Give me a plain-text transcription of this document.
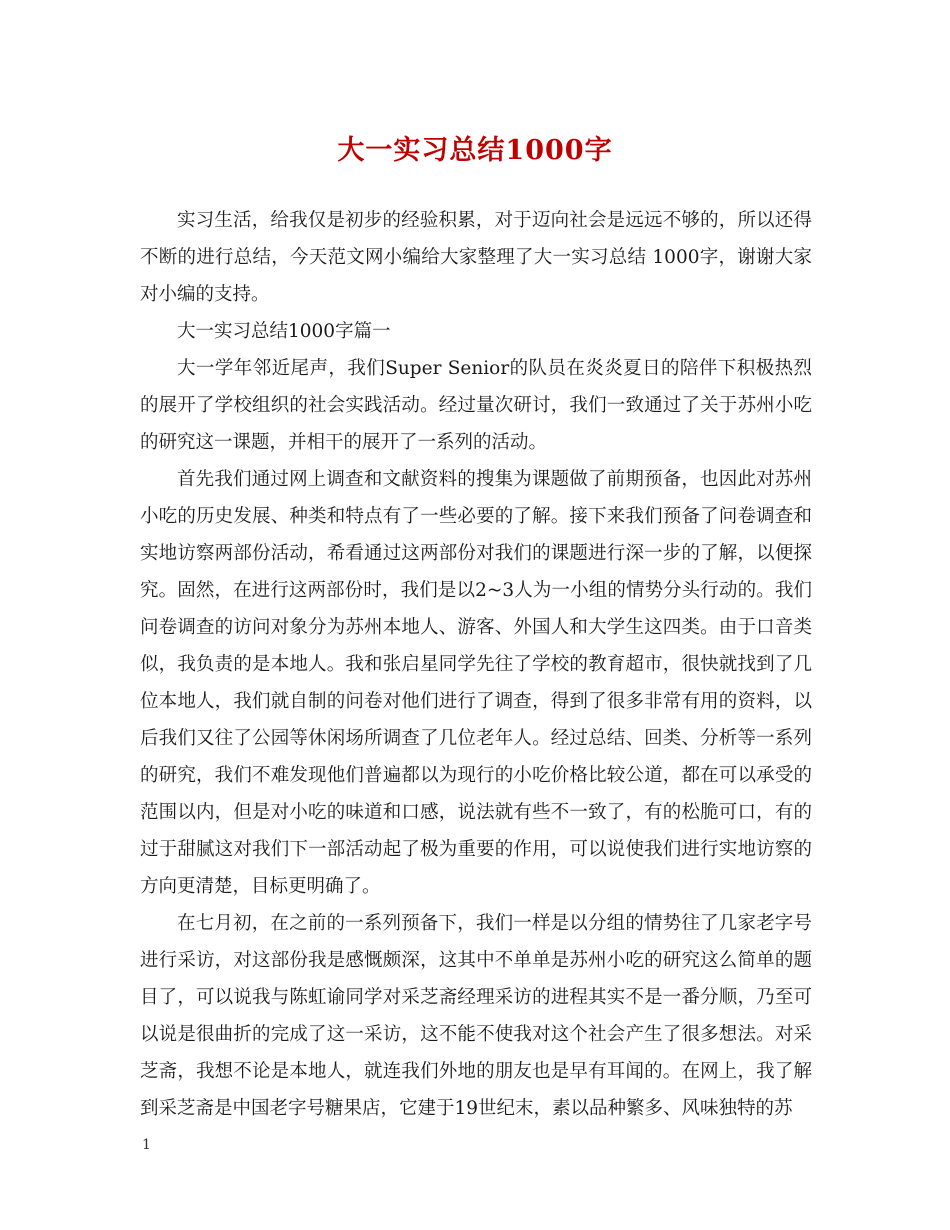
大一实习总结1000字

实习生活，给我仅是初步的经验积累，对于迈向社会是远远不够的，所以还得不断的进行总结，今天范文网小编给大家整理了大一实习总结 1000字，谢谢大家对小编的支持。

大一实习总结1000字篇一

大一学年邻近尾声，我们Super Senior的队员在炎炎夏日的陪伴下积极热烈的展开了学校组织的社会实践活动。经过量次研讨，我们一致通过了关于苏州小吃的研究这一课题，并相干的展开了一系列的活动。

首先我们通过网上调查和文献资料的搜集为课题做了前期预备，也因此对苏州小吃的历史发展、种类和特点有了一些必要的了解。接下来我们预备了问卷调查和实地访察两部份活动，希看通过这两部份对我们的课题进行深一步的了解，以便探究。固然，在进行这两部份时，我们是以2~3人为一小组的情势分头行动的。我们问卷调查的访问对象分为苏州本地人、游客、外国人和大学生这四类。由于口音类似，我负责的是本地人。我和张启星同学先往了学校的教育超市，很快就找到了几位本地人，我们就自制的问卷对他们进行了调查，得到了很多非常有用的资料，以后我们又往了公园等休闲场所调查了几位老年人。经过总结、回类、分析等一系列的研究，我们不难发现他们普遍都以为现行的小吃价格比较公道，都在可以承受的范围以内，但是对小吃的味道和口感，说法就有些不一致了，有的松脆可口，有的过于甜腻这对我们下一部活动起了极为重要的作用，可以说使我们进行实地访察的方向更清楚，目标更明确了。

在七月初，在之前的一系列预备下，我们一样是以分组的情势往了几家老字号进行采访，对这部份我是感慨颇深，这其中不单单是苏州小吃的研究这么简单的题目了，可以说我与陈虹谕同学对采芝斋经理采访的进程其实不是一番分顺，乃至可以说是很曲折的完成了这一采访，这不能不使我对这个社会产生了很多想法。对采芝斋，我想不论是本地人，就连我们外地的朋友也是早有耳闻的。在网上，我了解到采芝斋是中国老字号糖果店，它建于19世纪末，素以品种繁多、风味独特的苏

1
